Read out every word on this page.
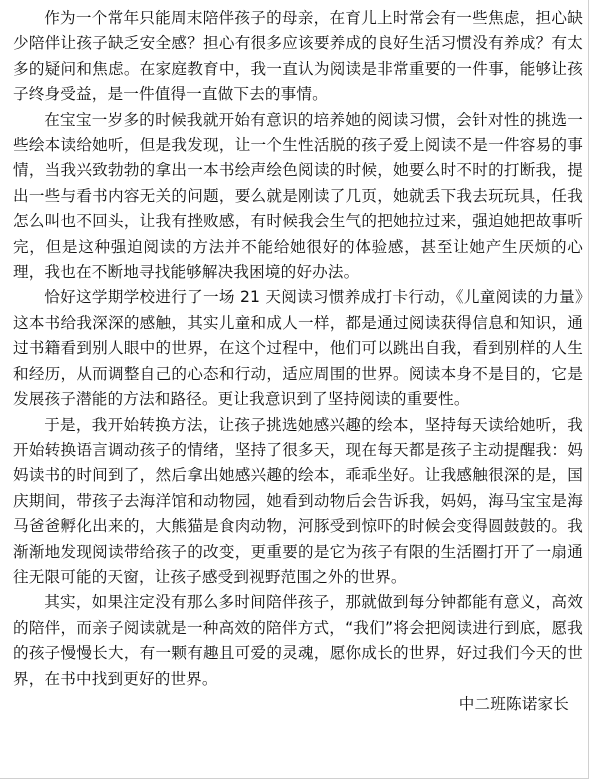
作为一个常年只能周末陪伴孩子的母亲，在育儿上时常会有一些焦虑，担心缺少陪伴让孩子缺乏安全感？担心有很多应该要养成的良好生活习惯没有养成？有太多的疑问和焦虑。在家庭教育中，我一直认为阅读是非常重要的一件事，能够让孩子终身受益，是一件值得一直做下去的事情。

在宝宝一岁多的时候我就开始有意识的培养她的阅读习惯，会针对性的挑选一些绘本读给她听，但是我发现，让一个生性活脱的孩子爱上阅读不是一件容易的事情，当我兴致勃勃的拿出一本书绘声绘色阅读的时候，她要么时不时的打断我，提出一些与看书内容无关的问题，要么就是刚读了几页，她就丢下我去玩玩具，任我怎么叫也不回头，让我有挫败感，有时候我会生气的把她拉过来，强迫她把故事听完，但是这种强迫阅读的方法并不能给她很好的体验感，甚至让她产生厌烦的心理，我也在不断地寻找能够解决我困境的好办法。

恰好这学期学校进行了一场 21 天阅读习惯养成打卡行动，《儿童阅读的力量》这本书给我深深的感触，其实儿童和成人一样，都是通过阅读获得信息和知识，通过书籍看到别人眼中的世界，在这个过程中，他们可以跳出自我，看到别样的人生和经历，从而调整自己的心态和行动，适应周围的世界。阅读本身不是目的，它是发展孩子潜能的方法和路径。更让我意识到了坚持阅读的重要性。

于是，我开始转换方法，让孩子挑选她感兴趣的绘本，坚持每天读给她听，我开始转换语言调动孩子的情绪，坚持了很多天，现在每天都是孩子主动提醒我：妈妈读书的时间到了，然后拿出她感兴趣的绘本，乖乖坐好。让我感触很深的是，国庆期间，带孩子去海洋馆和动物园，她看到动物后会告诉我，妈妈，海马宝宝是海马爸爸孵化出来的，大熊猫是食肉动物，河豚受到惊吓的时候会变得圆鼓鼓的。我渐渐地发现阅读带给孩子的改变，更重要的是它为孩子有限的生活圈打开了一扇通往无限可能的天窗，让孩子感受到视野范围之外的世界。

其实，如果注定没有那么多时间陪伴孩子，那就做到每分钟都能有意义，高效的陪伴，而亲子阅读就是一种高效的陪伴方式，“我们”将会把阅读进行到底，愿我的孩子慢慢长大，有一颗有趣且可爱的灵魂，愿你成长的世界，好过我们今天的世界，在书中找到更好的世界。

中二班陈诺家长
